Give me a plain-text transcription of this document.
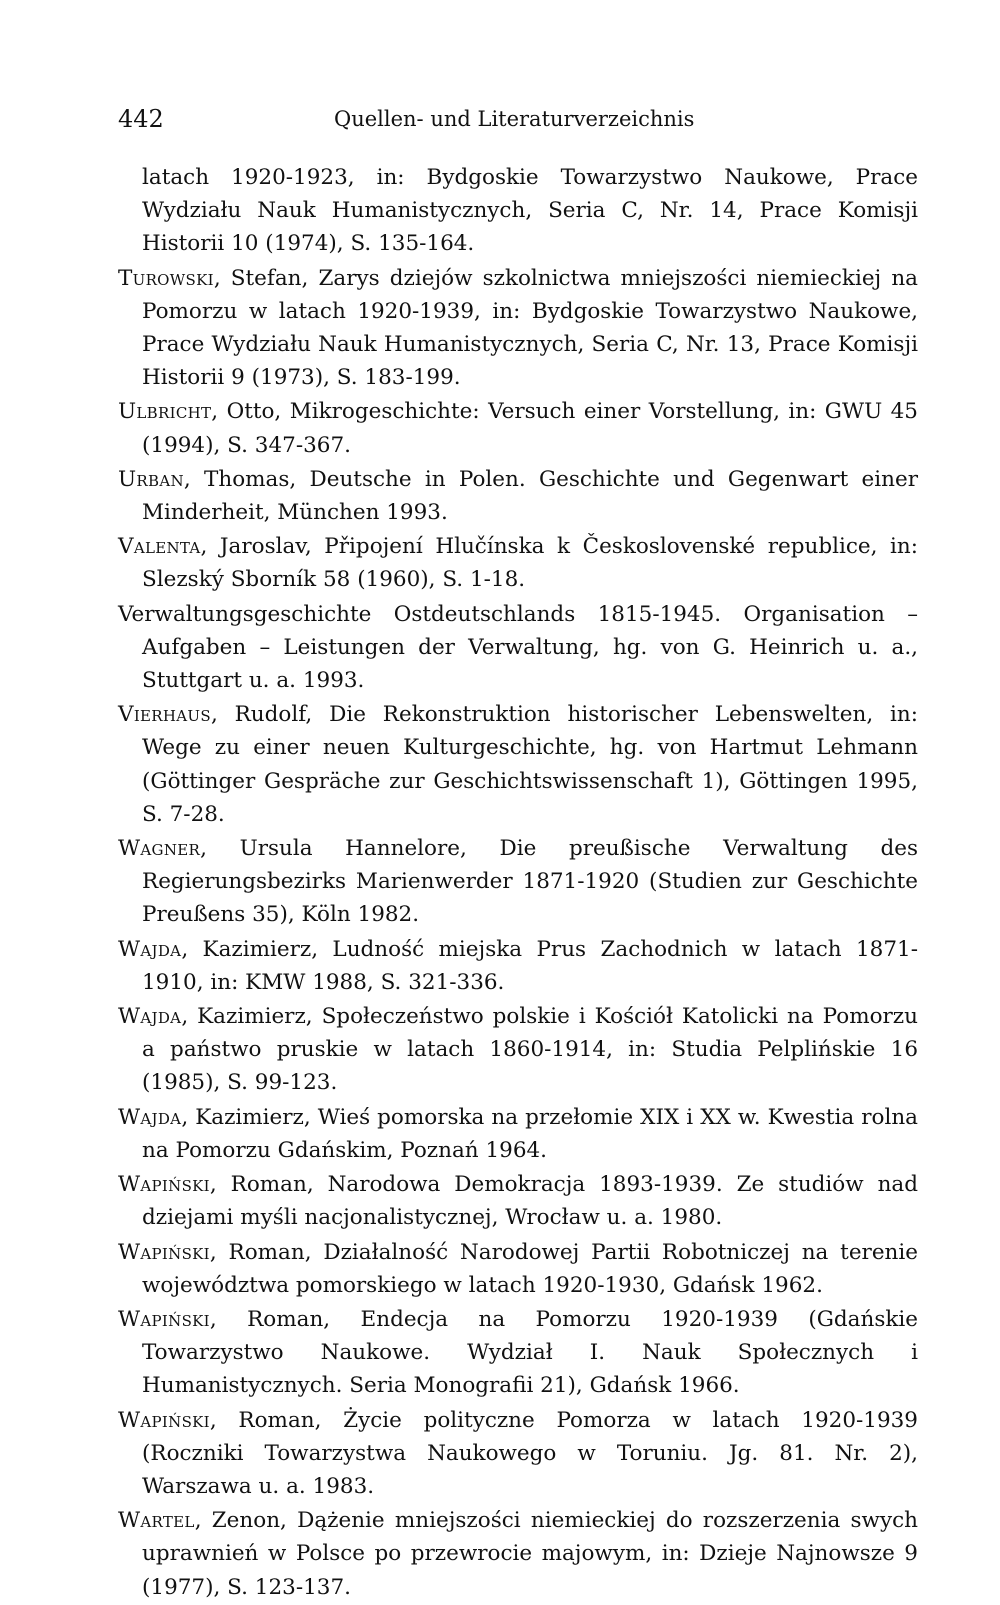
442	Quellen- und Literaturverzeichnis

latach 1920-1923, in: Bydgoskie Towarzystwo Naukowe, Prace Wydziału Nauk Humanistycznych, Seria C, Nr. 14, Prace Komisji Historii 10 (1974), S. 135-164.

Turowski, Stefan, Zarys dziejów szkolnictwa mniejszości niemieckiej na Pomorzu w latach 1920-1939, in: Bydgoskie Towarzystwo Naukowe, Prace Wydziału Nauk Humanistycznych, Seria C, Nr. 13, Prace Komisji Historii 9 (1973), S. 183-199.

Ulbricht, Otto, Mikrogeschichte: Versuch einer Vorstellung, in: GWU 45 (1994), S. 347-367.

Urban, Thomas, Deutsche in Polen. Geschichte und Gegenwart einer Minderheit, München 1993.

Valenta, Jaroslav, Připojení Hlučínska k Československé republice, in: Slezský Sborník 58 (1960), S. 1-18.

Verwaltungsgeschichte Ostdeutschlands 1815-1945. Organisation – Aufgaben – Leistungen der Verwaltung, hg. von G. Heinrich u. a., Stuttgart u. a. 1993.

Vierhaus, Rudolf, Die Rekonstruktion historischer Lebenswelten, in: Wege zu einer neuen Kulturgeschichte, hg. von Hartmut Lehmann (Göttinger Gespräche zur Geschichtswissenschaft 1), Göttingen 1995, S. 7-28.

Wagner, Ursula Hannelore, Die preußische Verwaltung des Regierungsbezirks Marienwerder 1871-1920 (Studien zur Geschichte Preußens 35), Köln 1982.

Wajda, Kazimierz, Ludność miejska Prus Zachodnich w latach 1871-1910, in: KMW 1988, S. 321-336.

Wajda, Kazimierz, Społeczeństwo polskie i Kościół Katolicki na Pomorzu a państwo pruskie w latach 1860-1914, in: Studia Pelplińskie 16 (1985), S. 99-123.

Wajda, Kazimierz, Wieś pomorska na przełomie XIX i XX w. Kwestia rolna na Pomorzu Gdańskim, Poznań 1964.

Wapiński, Roman, Narodowa Demokracja 1893-1939. Ze studiów nad dziejami myśli nacjonalistycznej, Wrocław u. a. 1980.

Wapiński, Roman, Działalność Narodowej Partii Robotniczej na terenie województwa pomorskiego w latach 1920-1930, Gdańsk 1962.

Wapiński, Roman, Endecja na Pomorzu 1920-1939 (Gdańskie Towarzystwo Naukowe. Wydział I. Nauk Społecznych i Humanistycznych. Seria Monografii 21), Gdańsk 1966.

Wapiński, Roman, Życie polityczne Pomorza w latach 1920-1939 (Roczniki Towarzystwa Naukowego w Toruniu. Jg. 81. Nr. 2), Warszawa u. a. 1983.

Wartel, Zenon, Dążenie mniejszości niemieckiej do rozszerzenia swych uprawnień w Polsce po przewrocie majowym, in: Dzieje Najnowsze 9 (1977), S. 123-137.
